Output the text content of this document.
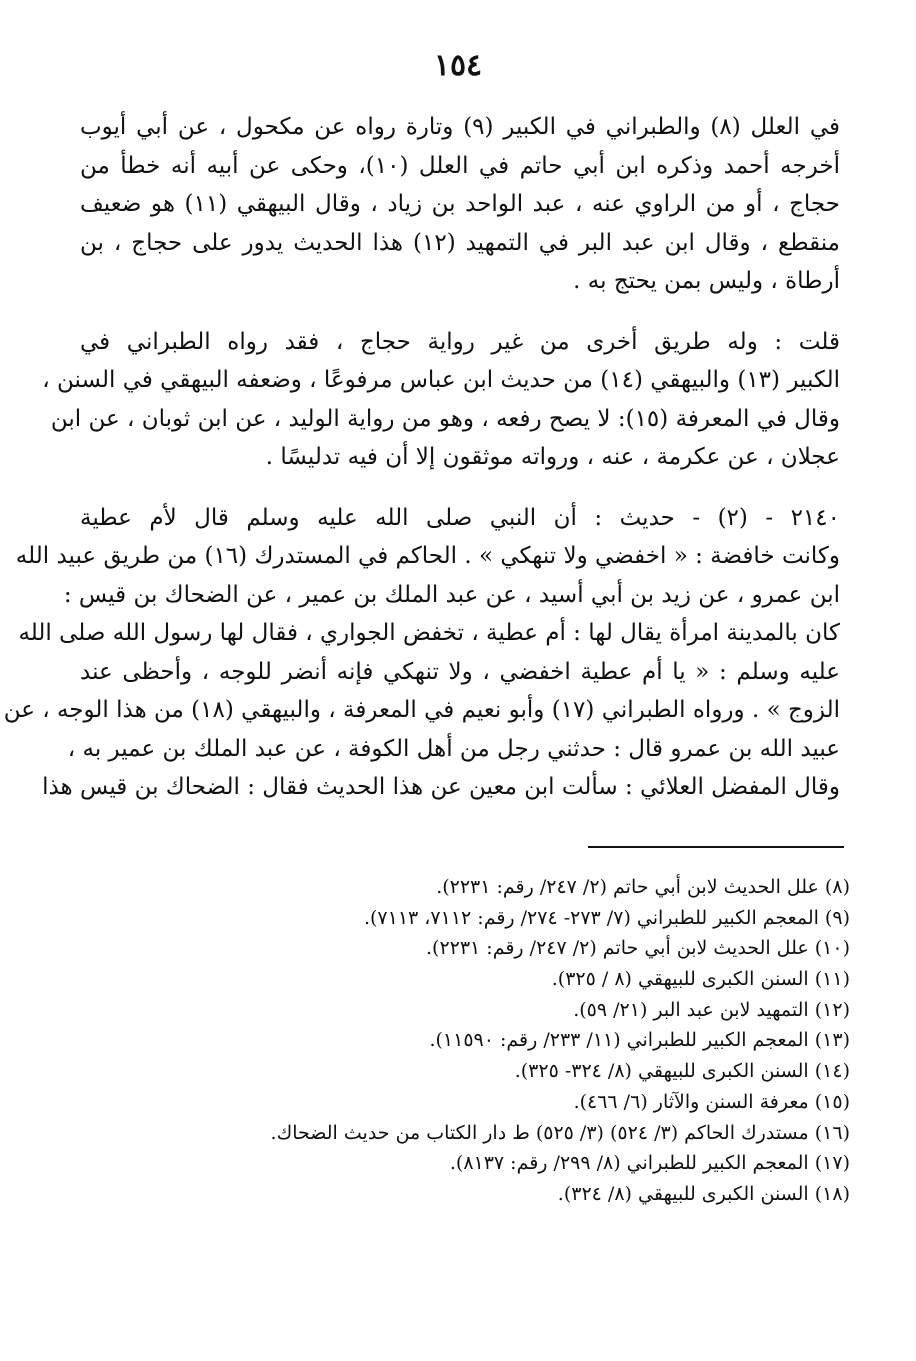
١٥٤

في العلل (٨) والطبراني في الكبير (٩) وتارة رواه عن مكحول ، عن أبي أيوب
أخرجه أحمد وذكره ابن أبي حاتم في العلل (١٠)، وحكى عن أبيه أنه خطأ من
حجاج ، أو من الراوي عنه ، عبد الواحد بن زياد ، وقال البيهقي (١١) هو ضعيف
منقطع ، وقال ابن عبد البر في التمهيد (١٢) هذا الحديث يدور على حجاج ، بن
أرطاة ، وليس بمن يحتج به .

قلت : وله طريق أخرى من غير رواية حجاج ، فقد رواه الطبراني في
الكبير (١٣) والبيهقي (١٤) من حديث ابن عباس مرفوعًا ، وضعفه البيهقي في السنن ،
وقال في المعرفة (١٥): لا يصح رفعه ، وهو من رواية الوليد ، عن ابن ثوبان ، عن ابن
عجلان ، عن عكرمة ، عنه ، ورواته موثقون إلا أن فيه تدليسًا .

٢١٤٠ - (٢) - حديث : أن النبي صلى الله عليه وسلم قال لأم عطية
وكانت خافضة : « اخفضي ولا تنهكي » . الحاكم في المستدرك (١٦) من طريق عبيد الله
ابن عمرو ، عن زيد بن أبي أسيد ، عن عبد الملك بن عمير ، عن الضحاك بن قيس :
كان بالمدينة امرأة يقال لها : أم عطية ، تخفض الجواري ، فقال لها رسول الله صلى الله
عليه وسلم : « يا أم عطية اخفضي ، ولا تنهكي فإنه أنضر للوجه ، وأحظى عند
الزوج » . ورواه الطبراني (١٧) وأبو نعيم في المعرفة ، والبيهقي (١٨) من هذا الوجه ، عن
عبيد الله بن عمرو قال : حدثني رجل من أهل الكوفة ، عن عبد الملك بن عمير به ،
وقال المفضل العلائي : سألت ابن معين عن هذا الحديث فقال : الضحاك بن قيس هذا

(٨) علل الحديث لابن أبي حاتم (٢/ ٢٤٧/ رقم: ٢٢٣١).
(٩) المعجم الكبير للطبراني (٧/ ٢٧٣- ٢٧٤/ رقم: ٧١١٢، ٧١١٣).
(١٠) علل الحديث لابن أبي حاتم (٢/ ٢٤٧/ رقم: ٢٢٣١).
(١١) السنن الكبرى للبيهقي (٨ / ٣٢٥).
(١٢) التمهيد لابن عبد البر (٢١/ ٥٩).
(١٣) المعجم الكبير للطبراني (١١/ ٢٣٣/ رقم: ١١٥٩٠).
(١٤) السنن الكبرى للبيهقي (٨/ ٣٢٤- ٣٢٥).
(١٥) معرفة السنن والآثار (٦/ ٤٦٦).
(١٦) مستدرك الحاكم (٣/ ٥٢٤) (٣/ ٥٢٥) ط دار الكتاب من حديث الضحاك.
(١٧) المعجم الكبير للطبراني (٨/ ٢٩٩/ رقم: ٨١٣٧).
(١٨) السنن الكبرى للبيهقي (٨/ ٣٢٤).
